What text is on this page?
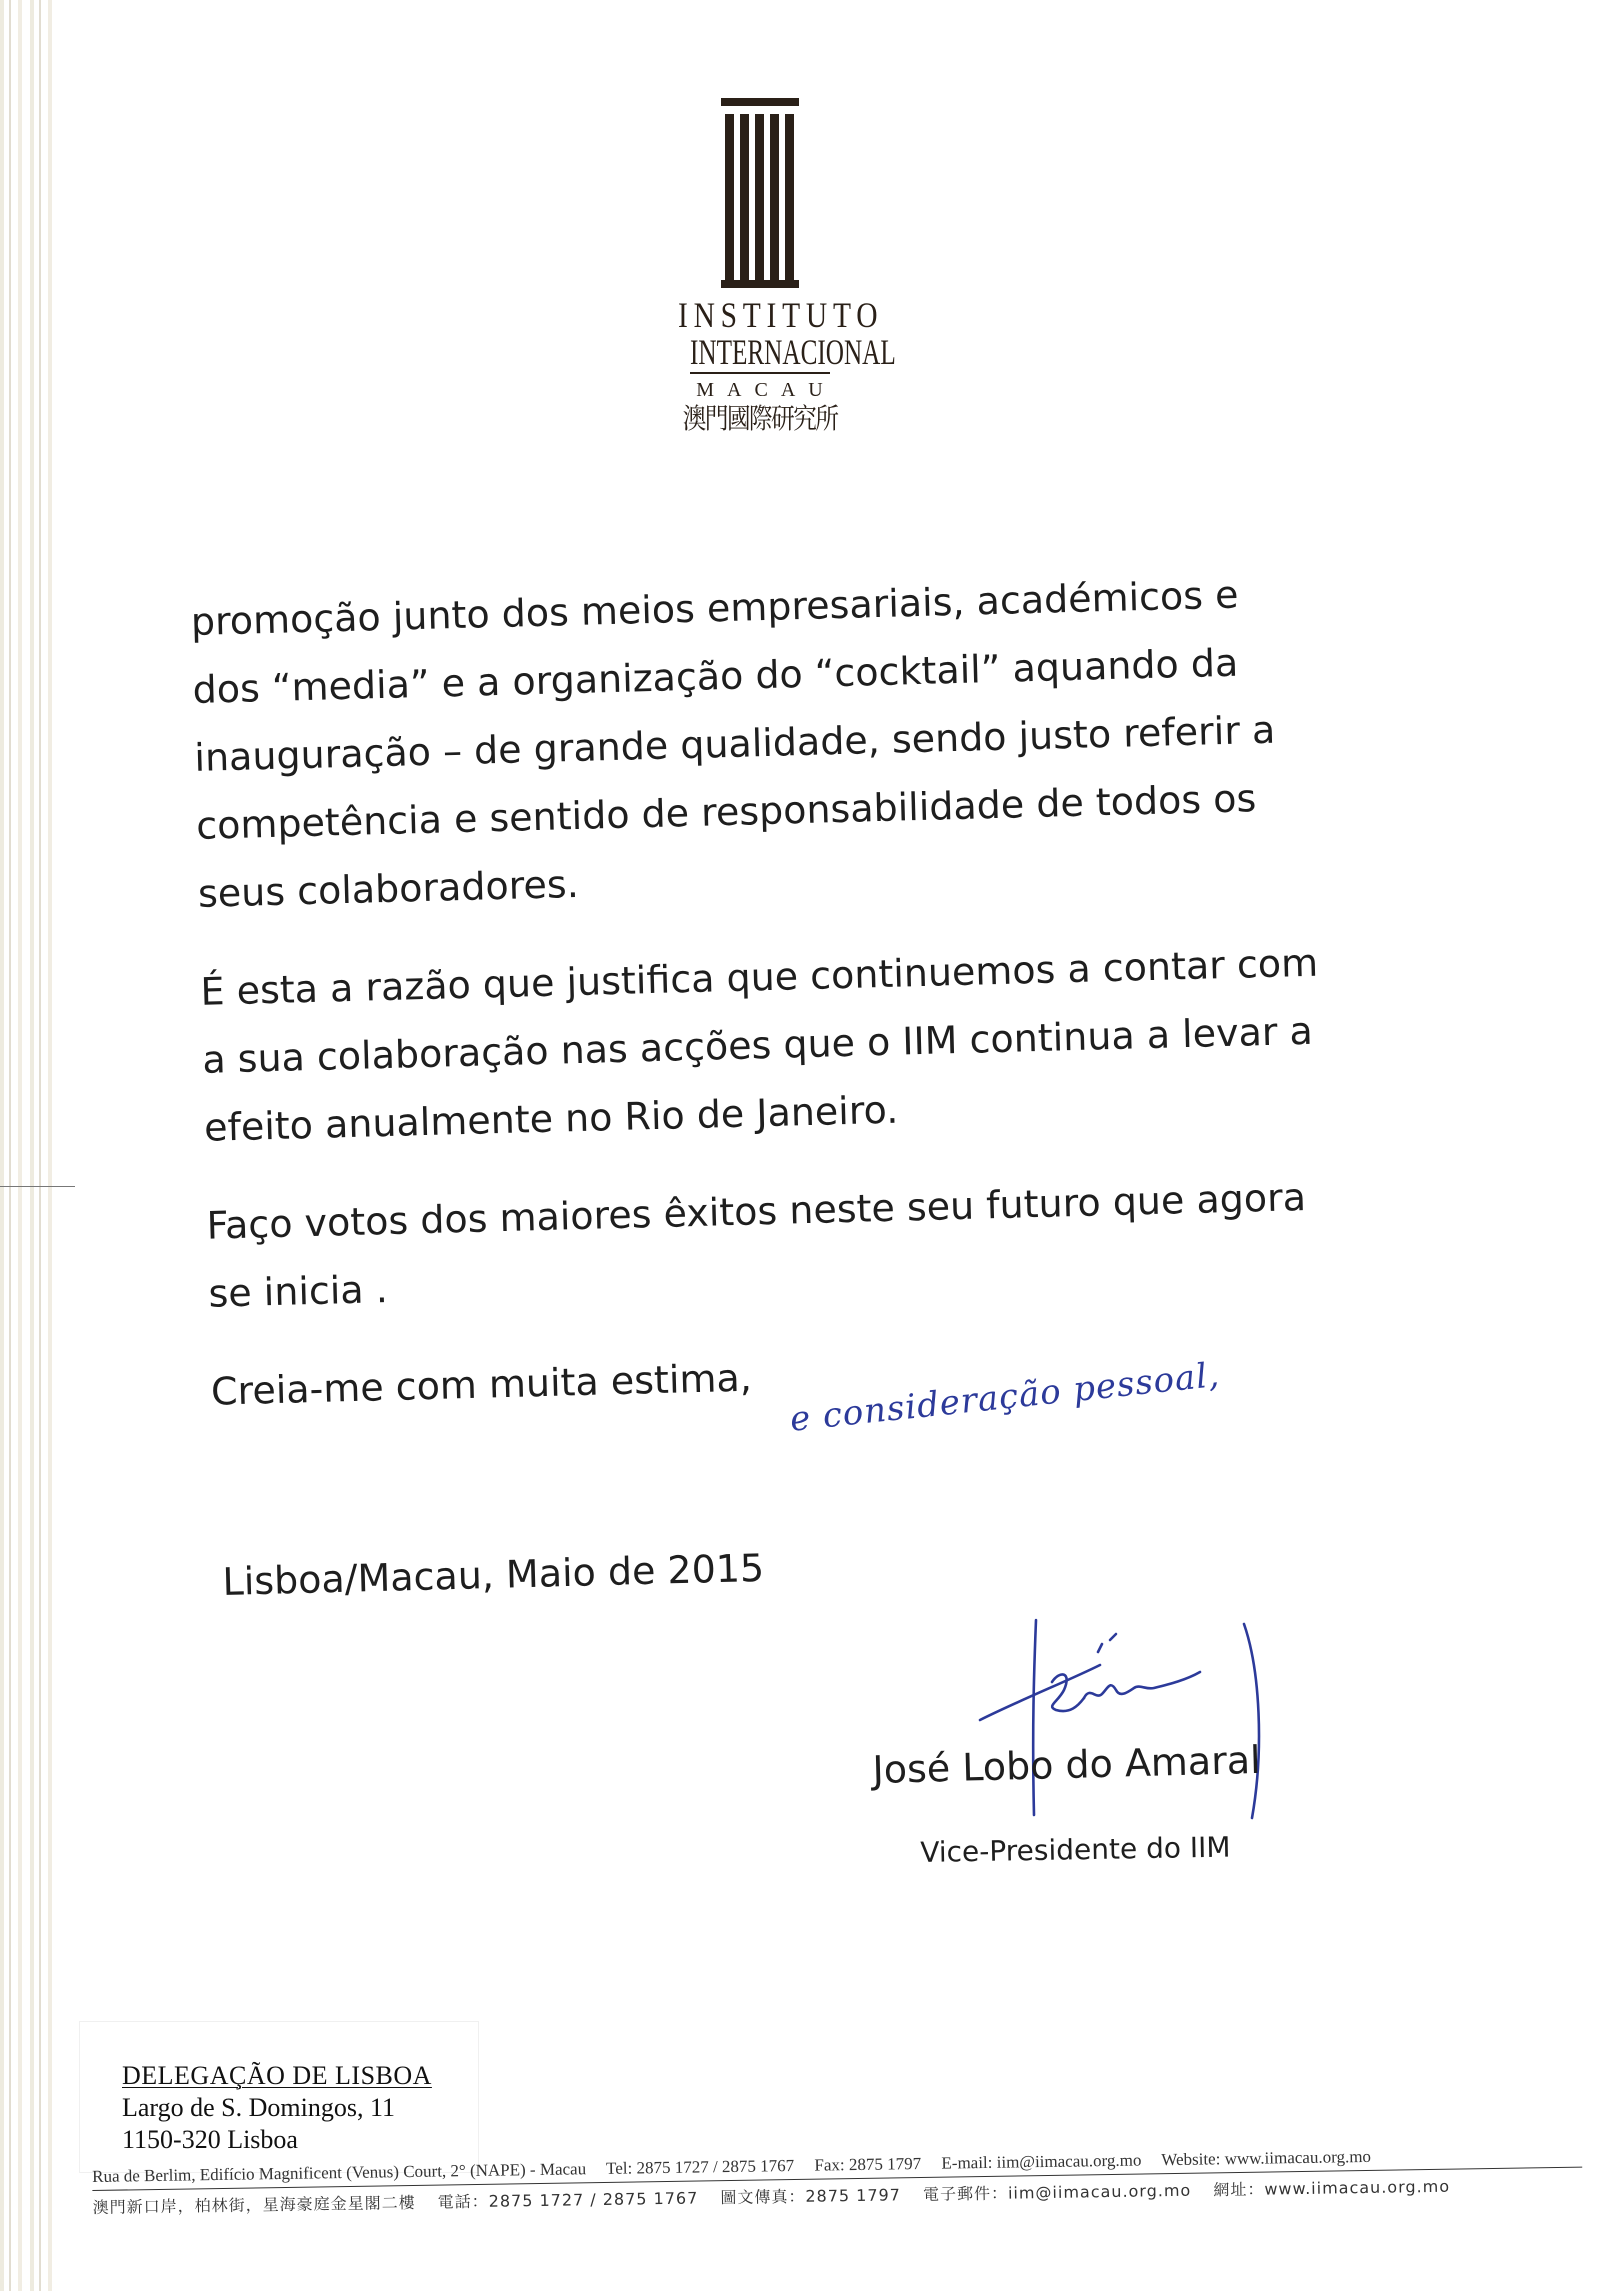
INSTITUTO
INTERNACIONAL
MACAU
澳門國際研究所
promoção junto dos meios empresariais, académicos e
dos “media” e a organização do “cocktail” aquando da
inauguração – de grande qualidade, sendo justo referir a
competência e sentido de responsabilidade de todos os
seus colaboradores.
É esta a razão que justifica que continuemos a contar com
a sua colaboração nas acções que o IIM continua a levar a
efeito anualmente no Rio de Janeiro.
Faço votos dos maiores êxitos neste seu futuro que agora
se inicia .
Creia-me com muita estima,	e consideração pessoal,
Lisboa/Macau, Maio de 2015
José Lobo do Amaral
Vice-Presidente do IIM
DELEGAÇÃO DE LISBOA
Largo de S. Domingos, 11
1150-320 Lisboa
Rua de Berlim, Edifício Magnificent (Venus) Court, 2° (NAPE) - Macau Tel: 2875 1727 / 2875 1767 Fax: 2875 1797 E-mail: iim@iimacau.org.mo Website: www.iimacau.org.mo
澳門新口岸，柏林街，星海豪庭金星閣二樓 電話：2875 1727 / 2875 1767 圖文傳真：2875 1797 電子郵件：iim@iimacau.org.mo 網址：www.iimacau.org.mo
